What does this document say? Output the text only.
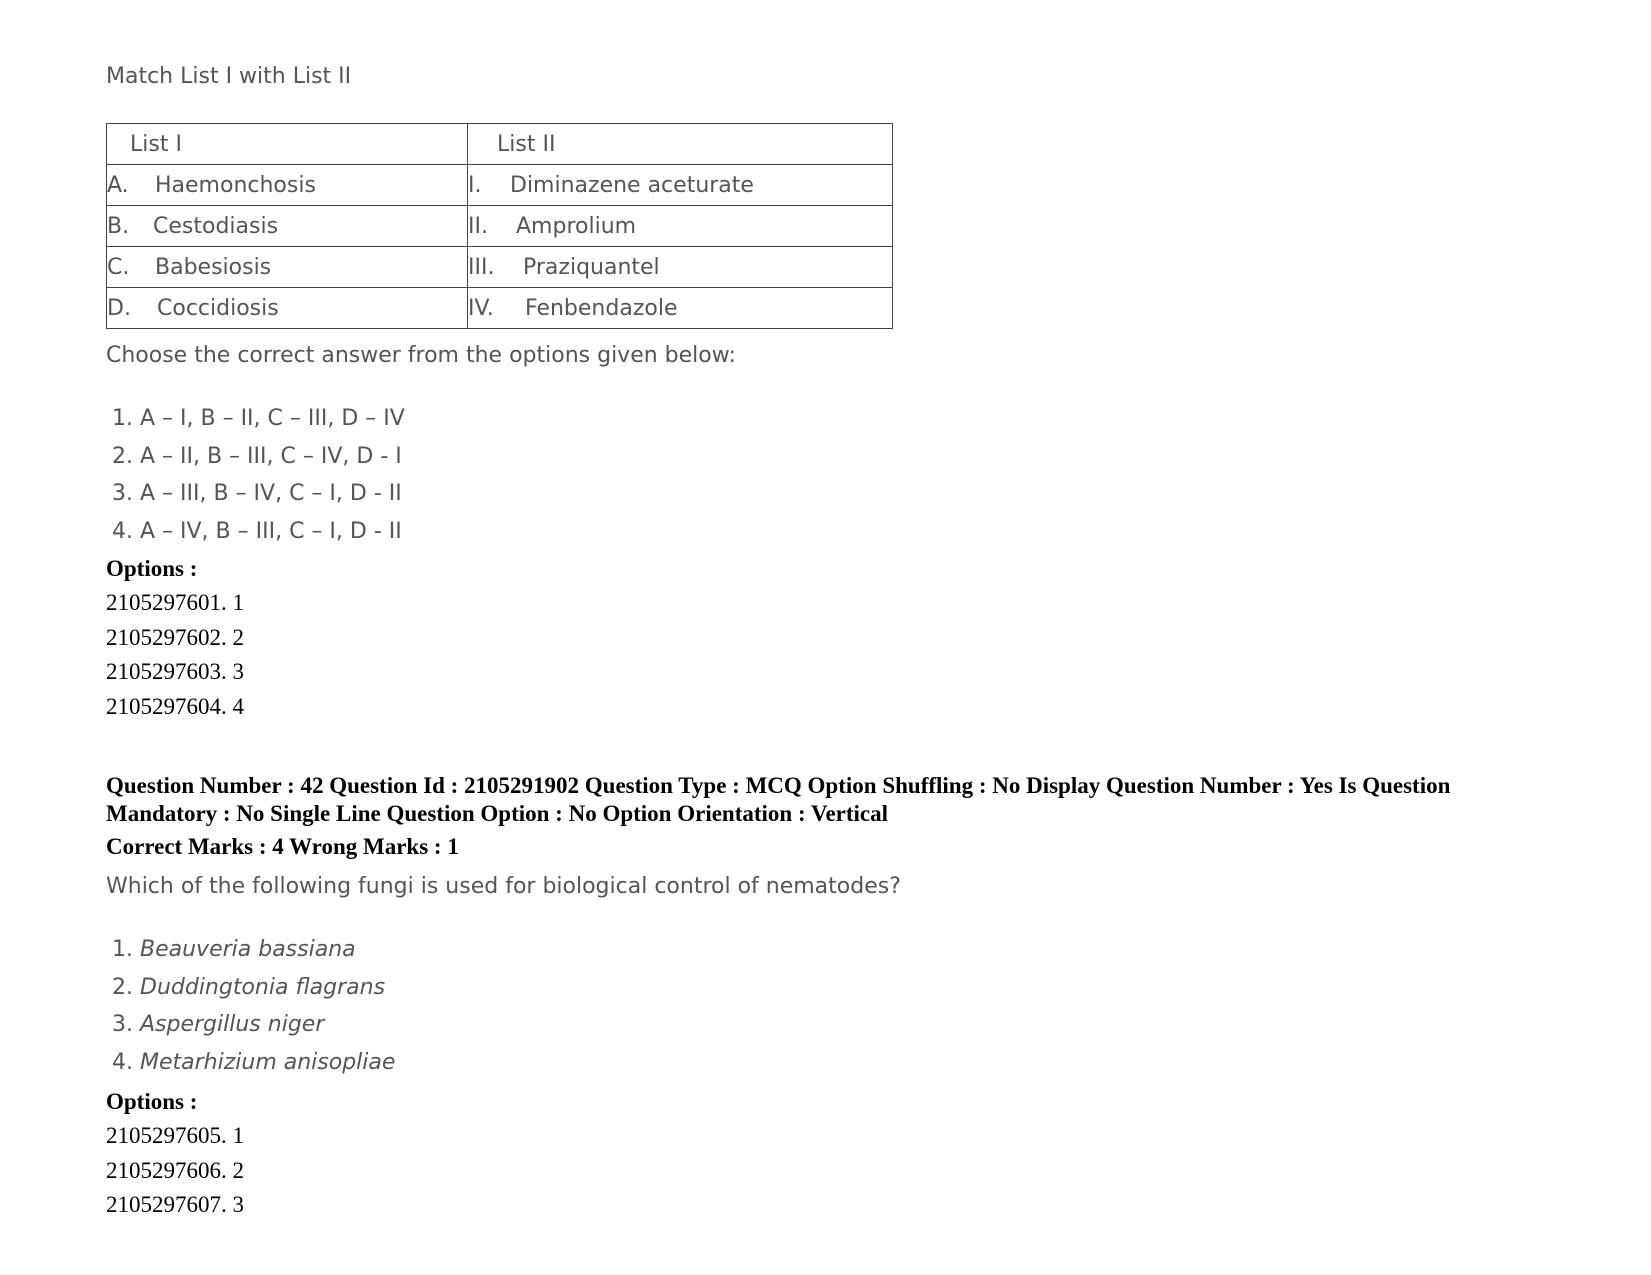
Match List I with List II
List I	List II
A. Haemonchosis	I. Diminazene aceturate
B. Cestodiasis	II. Amprolium
C. Babesiosis	III. Praziquantel
D. Coccidiosis	IV. Fenbendazole
Choose the correct answer from the options given below:
1. A – I, B – II, C – III, D – IV
2. A – II, B – III, C – IV, D - I
3. A – III, B – IV, C – I, D - II
4. A – IV, B – III, C – I, D - II
Options :
2105297601. 1
2105297602. 2
2105297603. 3
2105297604. 4
Question Number : 42 Question Id : 2105291902 Question Type : MCQ Option Shuffling : No Display Question Number : Yes Is Question Mandatory : No Single Line Question Option : No Option Orientation : Vertical
Correct Marks : 4 Wrong Marks : 1
Which of the following fungi is used for biological control of nematodes?
1. Beauveria bassiana
2. Duddingtonia flagrans
3. Aspergillus niger
4. Metarhizium anisopliae
Options :
2105297605. 1
2105297606. 2
2105297607. 3
